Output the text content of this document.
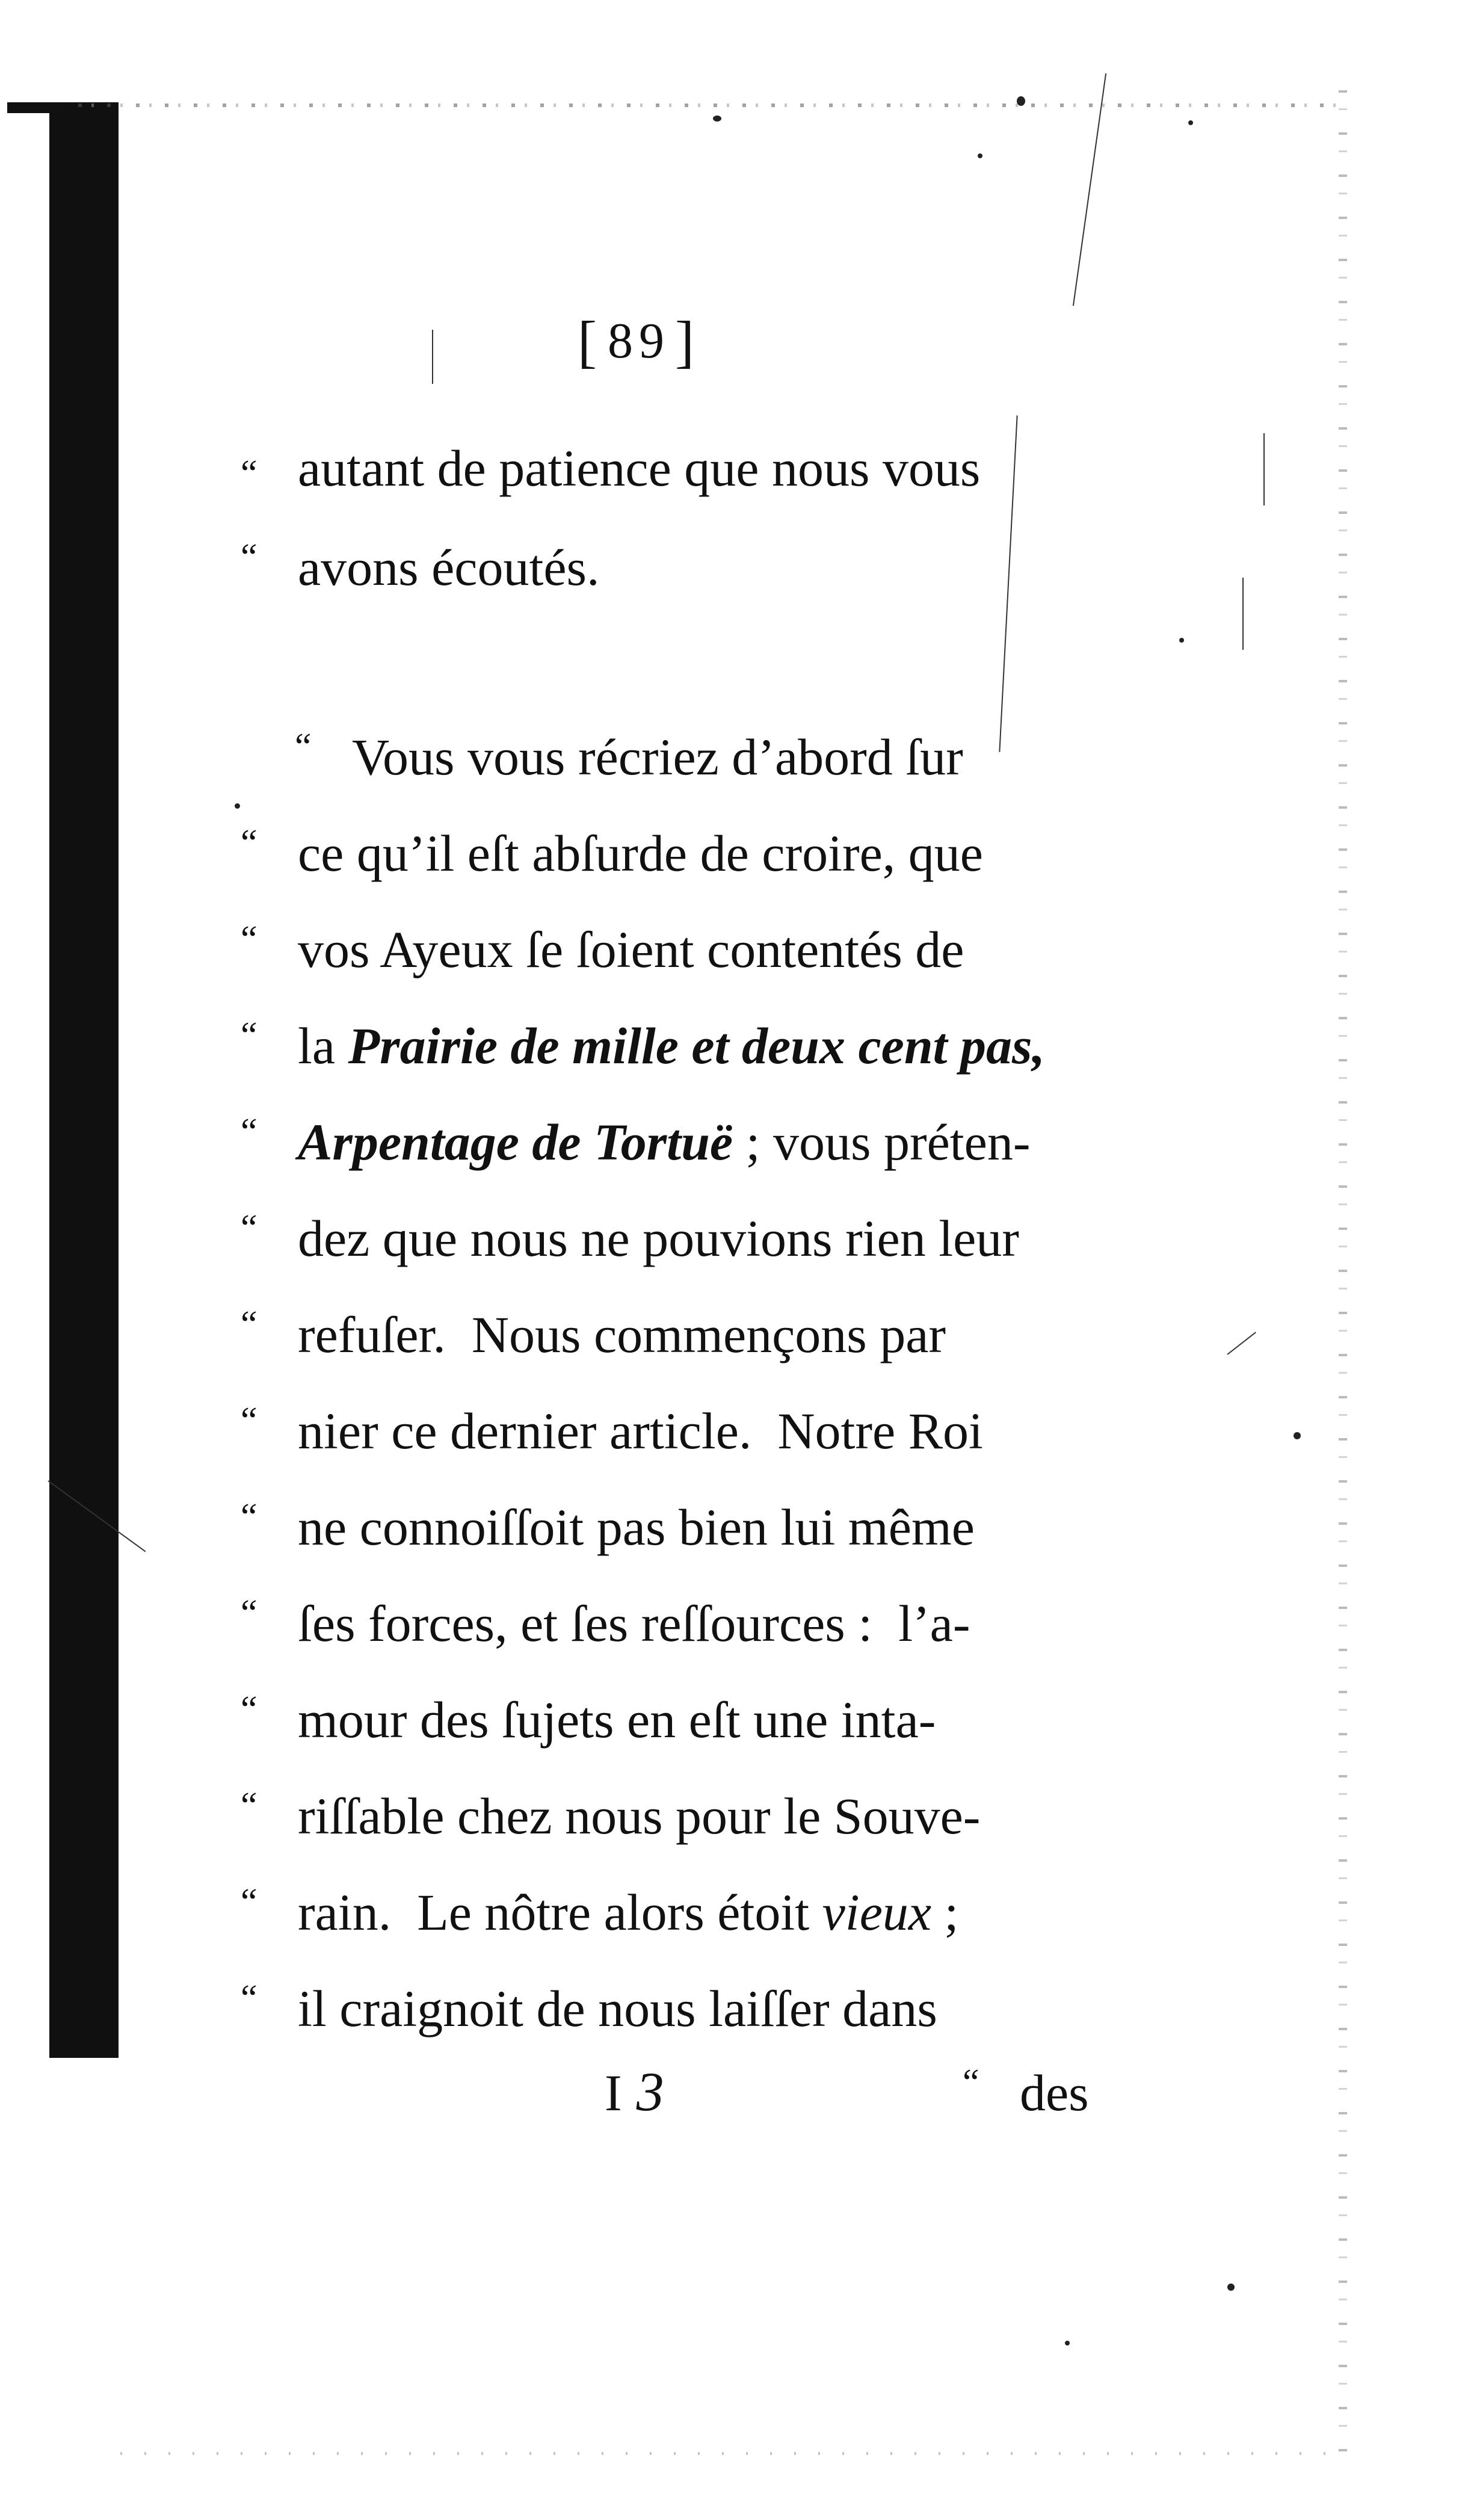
[89]
“ autant de patience que nous vous
“ avons écoutés.
“ Vous vous récriez d’abord ſur
“ ce qu’il eſt abſurde de croire, que
“ vos Ayeux ſe ſoient contentés de
“ la Prairie de mille et deux cent pas,
“ Arpentage de Tortuë ; vous préten-
“ dez que nous ne pouvions rien leur
“ refuſer.  Nous commençons par
“ nier ce dernier article.  Notre Roi
“ ne connoiſſoit pas bien lui même
“ ſes forces, et ſes reſſources :  l’a-
“ mour des ſujets en eſt une inta-
“ riſſable chez nous pour le Souve-
“ rain.  Le nôtre alors étoit vieux ;
“ il craignoit de nous laiſſer dans
I3	“ des
